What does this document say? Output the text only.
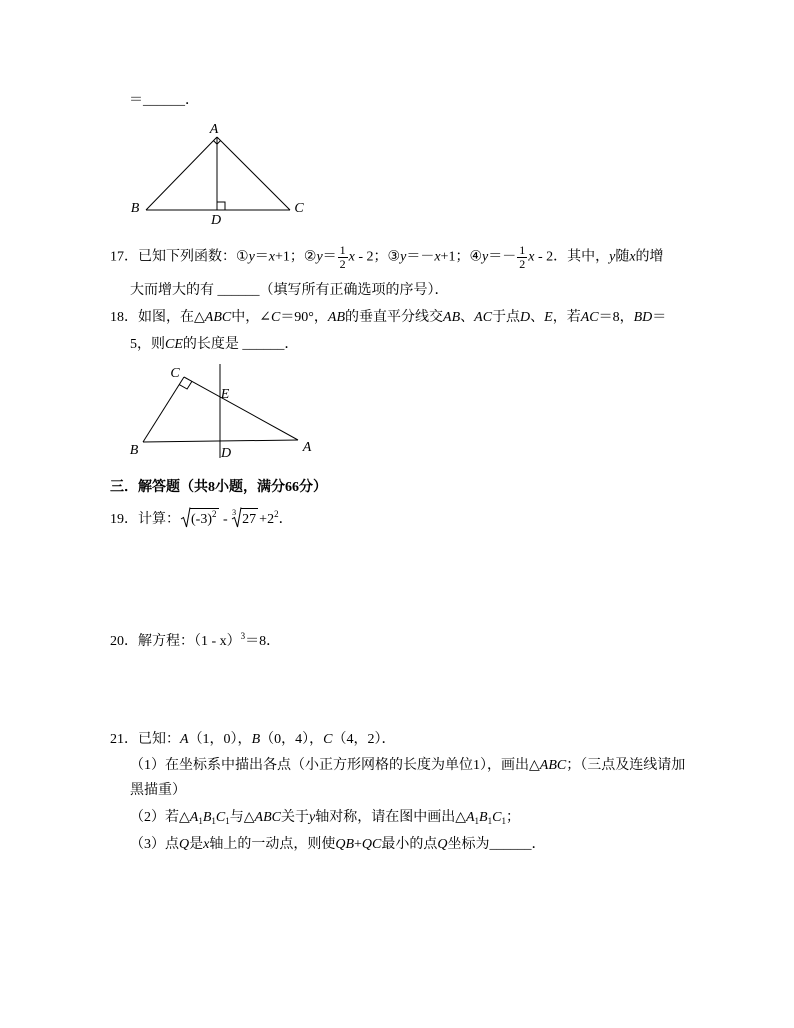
＝______．
A
B	C
D
17．已知下列函数：①y＝x+1；②y＝ $\frac{1}{2}$ x - 2；③y＝－x+1；④y＝－ $\frac{1}{2}$ x - 2．其中，y随x的增
大而增大的有 ______（填写所有正确选项的序号）．
18．如图，在△ABC中，∠C＝90°，AB的垂直平分线交AB、AC于点D、E，若AC＝8，BD＝
5，则CE的长度是 ______．
C
E
B	A
D
三．解答题（共8小题，满分66分）
19．计算： $(-3)^2 - 3$ $27 +2^2$．
20．解方程：（1 - x）$^3$＝8．
21．已知：A（1，0），B（0，4），C（4，2）．
（1）在坐标系中描出各点（小正方形网格的长度为单位1），画出△ABC；（三点及连线请加
黑描重）
（2）若$\triangle A_1B_1C_1$与△ABC关于y轴对称，请在图中画出$\triangle A_1B_1C_1$；
（3）点Q是x轴上的一动点，则使QB+QC最小的点Q坐标为______．
